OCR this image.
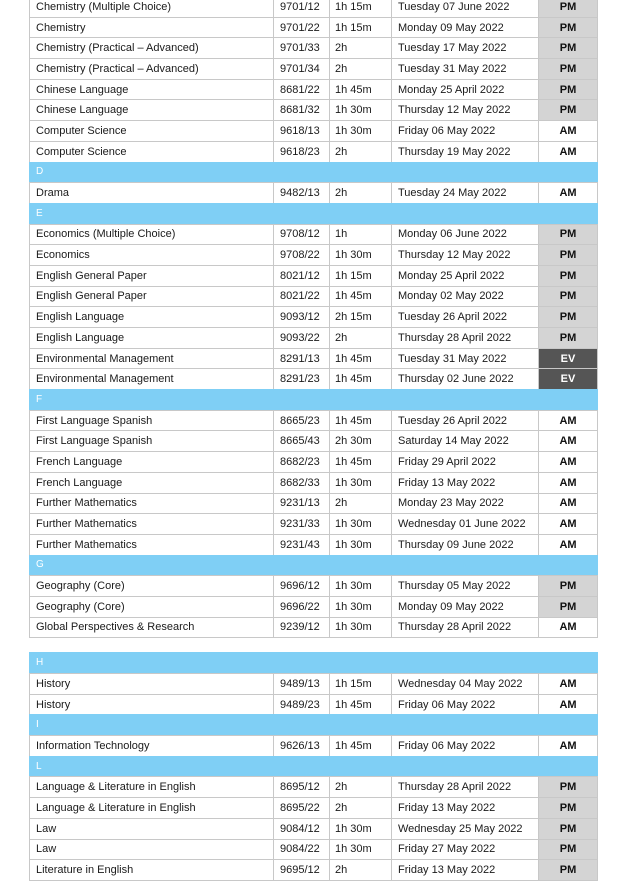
Chemistry (Multiple Choice)	9701/12	1h 15m	Tuesday 07 June 2022	PM
Chemistry	9701/22	1h 15m	Monday 09 May 2022	PM
Chemistry (Practical – Advanced)	9701/33	2h	Tuesday 17 May 2022	PM
Chemistry (Practical – Advanced)	9701/34	2h	Tuesday 31 May 2022	PM
Chinese Language	8681/22	1h 45m	Monday 25 April 2022	PM
Chinese Language	8681/32	1h 30m	Thursday 12 May 2022	PM
Computer Science	9618/13	1h 30m	Friday 06 May 2022	AM
Computer Science	9618/23	2h	Thursday 19 May 2022	AM
D
Drama	9482/13	2h	Tuesday 24 May 2022	AM
E
Economics (Multiple Choice)	9708/12	1h	Monday 06 June 2022	PM
Economics	9708/22	1h 30m	Thursday 12 May 2022	PM
English General Paper	8021/12	1h 15m	Monday 25 April 2022	PM
English General Paper	8021/22	1h 45m	Monday 02 May 2022	PM
English Language	9093/12	2h 15m	Tuesday 26 April 2022	PM
English Language	9093/22	2h	Thursday 28 April 2022	PM
Environmental Management	8291/13	1h 45m	Tuesday 31 May 2022	EV
Environmental Management	8291/23	1h 45m	Thursday 02 June 2022	EV
F
First Language Spanish	8665/23	1h 45m	Tuesday 26 April 2022	AM
First Language Spanish	8665/43	2h 30m	Saturday 14 May 2022	AM
French Language	8682/23	1h 45m	Friday 29 April 2022	AM
French Language	8682/33	1h 30m	Friday 13 May 2022	AM
Further Mathematics	9231/13	2h	Monday 23 May 2022	AM
Further Mathematics	9231/33	1h 30m	Wednesday 01 June 2022	AM
Further Mathematics	9231/43	1h 30m	Thursday 09 June 2022	AM
G
Geography (Core)	9696/12	1h 30m	Thursday 05 May 2022	PM
Geography (Core)	9696/22	1h 30m	Monday 09 May 2022	PM
Global Perspectives & Research	9239/12	1h 30m	Thursday 28 April 2022	AM
H
History	9489/13	1h 15m	Wednesday 04 May 2022	AM
History	9489/23	1h 45m	Friday 06 May 2022	AM
I
Information Technology	9626/13	1h 45m	Friday 06 May 2022	AM
L
Language & Literature in English	8695/12	2h	Thursday 28 April 2022	PM
Language & Literature in English	8695/22	2h	Friday 13 May 2022	PM
Law	9084/12	1h 30m	Wednesday 25 May 2022	PM
Law	9084/22	1h 30m	Friday 27 May 2022	PM
Literature in English	9695/12	2h	Friday 13 May 2022	PM
